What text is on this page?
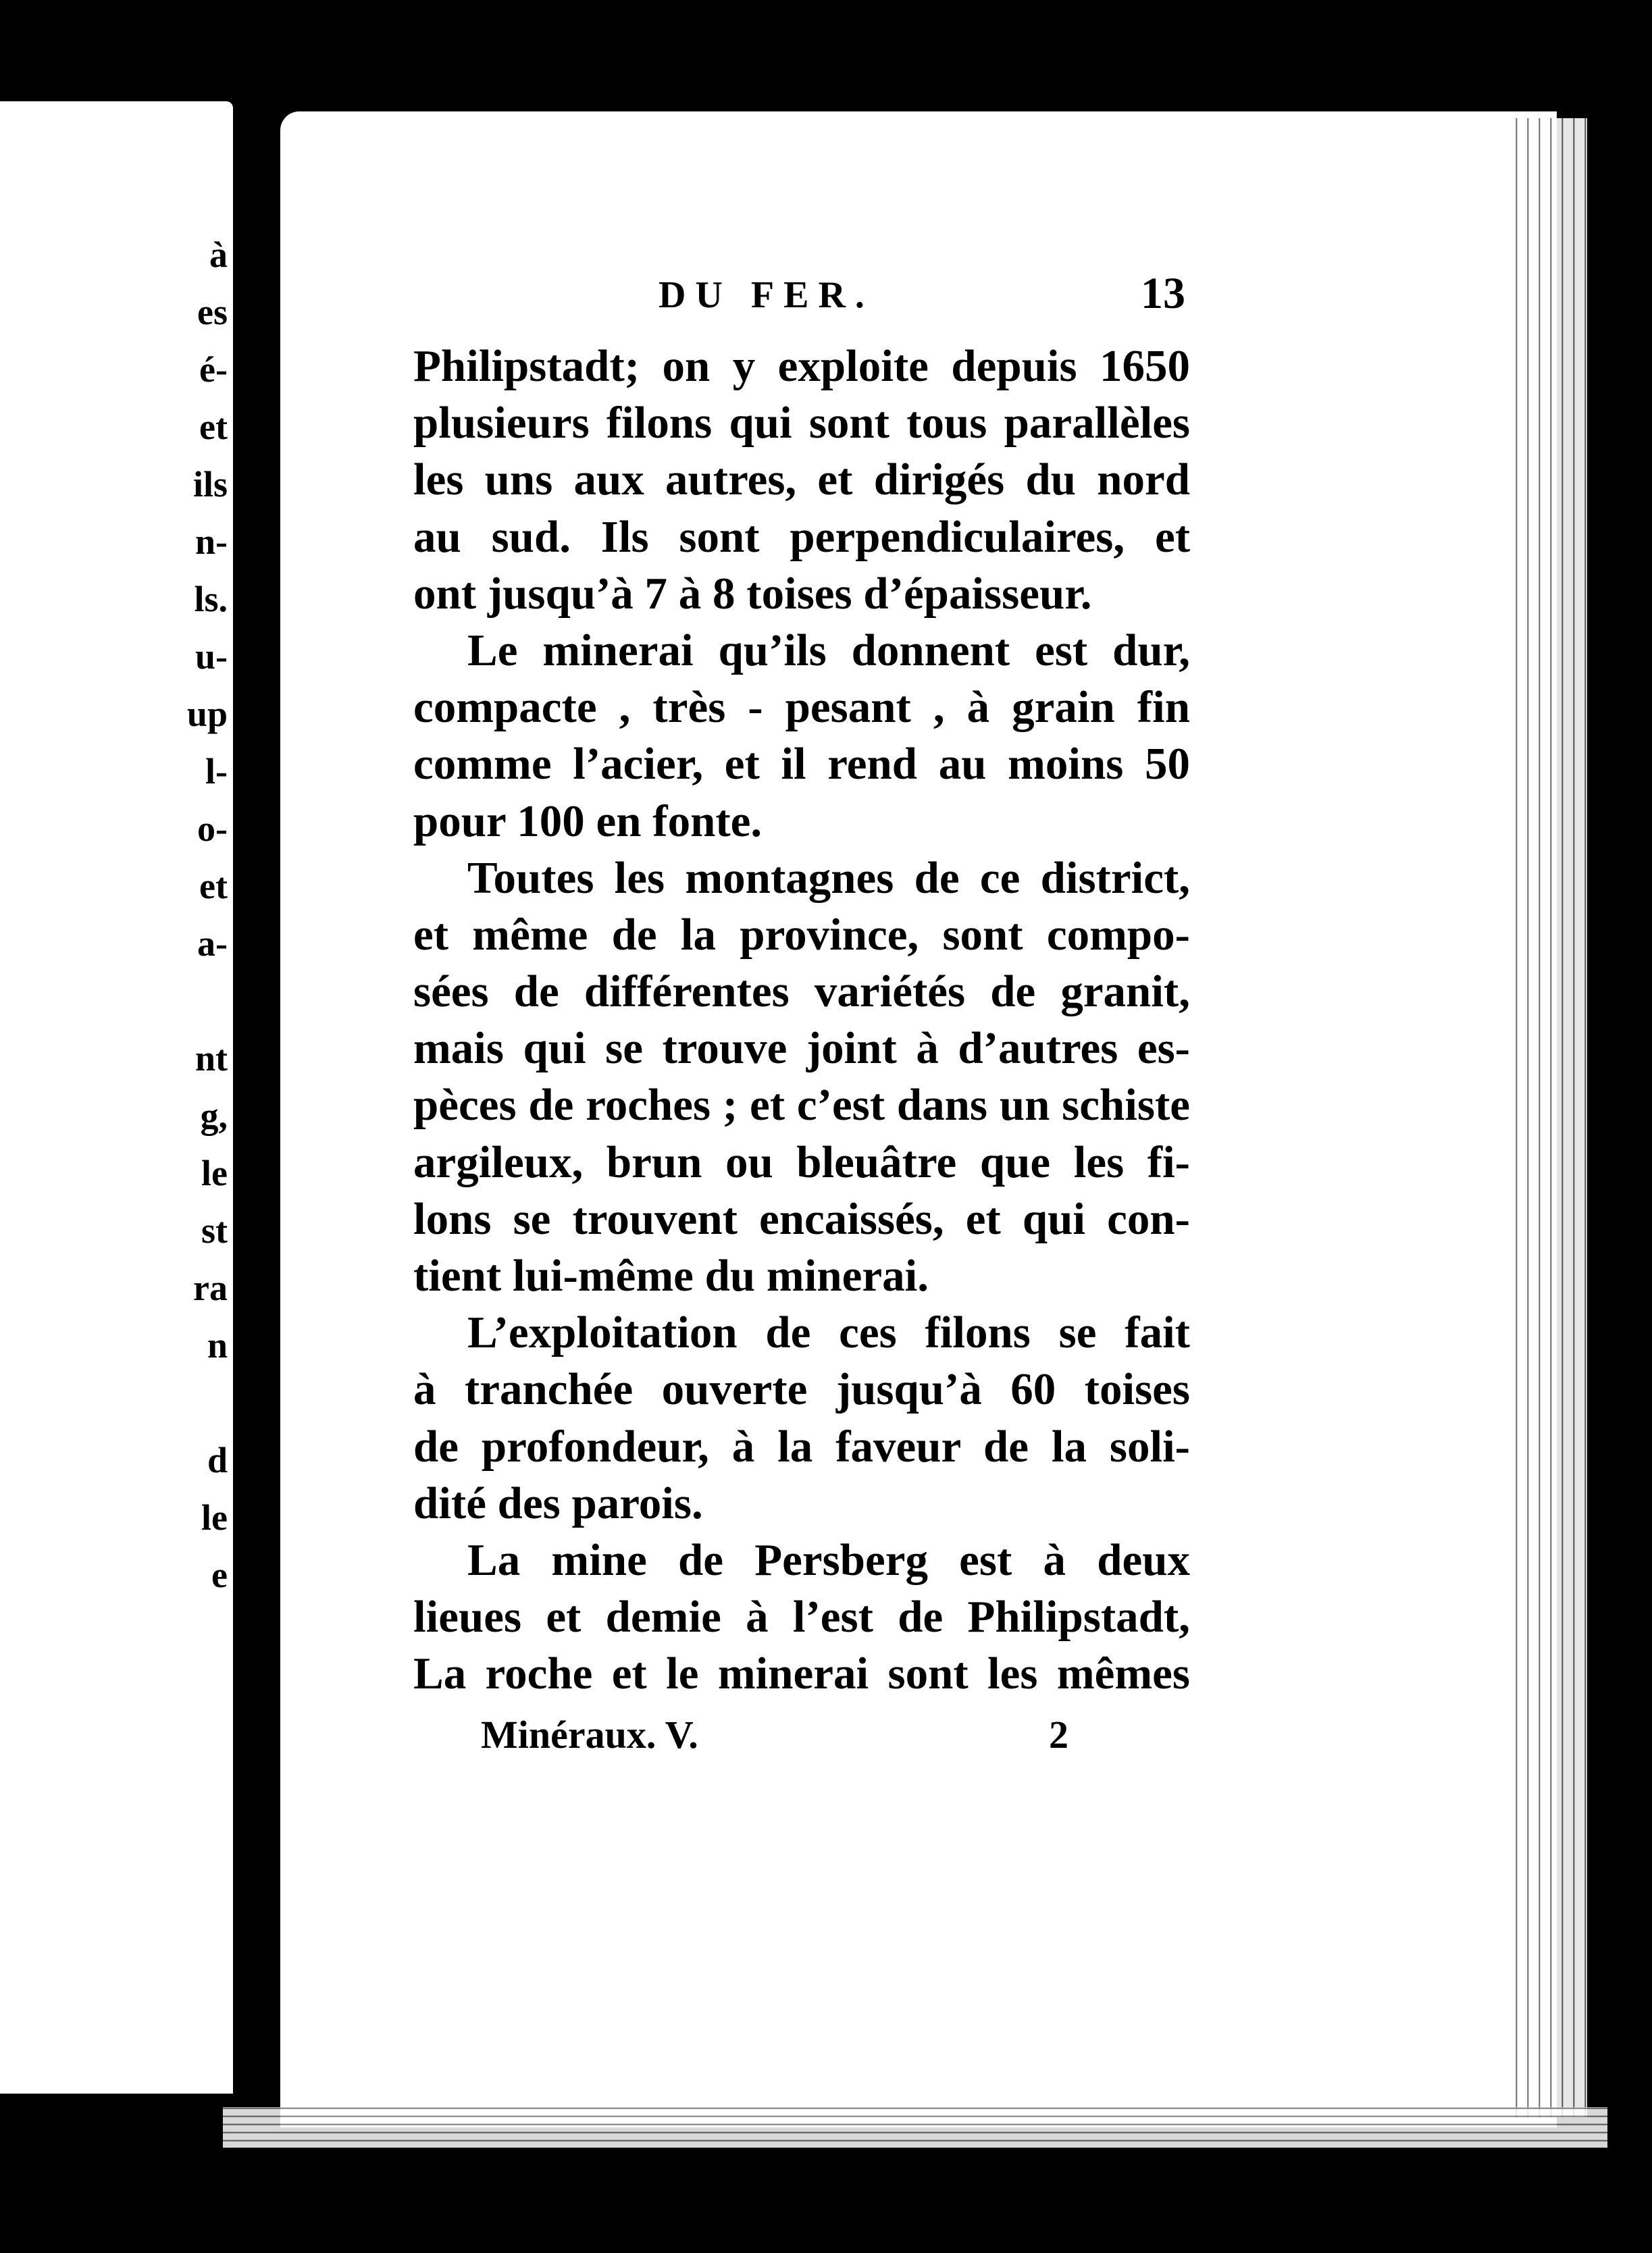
à
es
é-
et
ils
n-
ls.
u-
up
l-
o-
et
a-
nt
g,
le
st
ra
n
d
le
e
DU FER.	13
Philipstadt; on y exploite depuis 1650
plusieurs filons qui sont tous parallèles
les uns aux autres, et dirigés du nord
au sud. Ils sont perpendiculaires, et
ont jusqu’à 7 à 8 toises d’épaisseur.
Le minerai qu’ils donnent est dur,
compacte , très - pesant , à grain fin
comme l’acier, et il rend au moins 50
pour 100 en fonte.
Toutes les montagnes de ce district,
et même de la province, sont compo-
sées de différentes variétés de granit,
mais qui se trouve joint à d’autres es-
pèces de roches ; et c’est dans un schiste
argileux, brun ou bleuâtre que les fi-
lons se trouvent encaissés, et qui con-
tient lui-même du minerai.
L’exploitation de ces filons se fait
à tranchée ouverte jusqu’à 60 toises
de profondeur, à la faveur de la soli-
dité des parois.
La mine de Persberg est à deux
lieues et demie à l’est de Philipstadt,
La roche et le minerai sont les mêmes
Minéraux. V.	2
